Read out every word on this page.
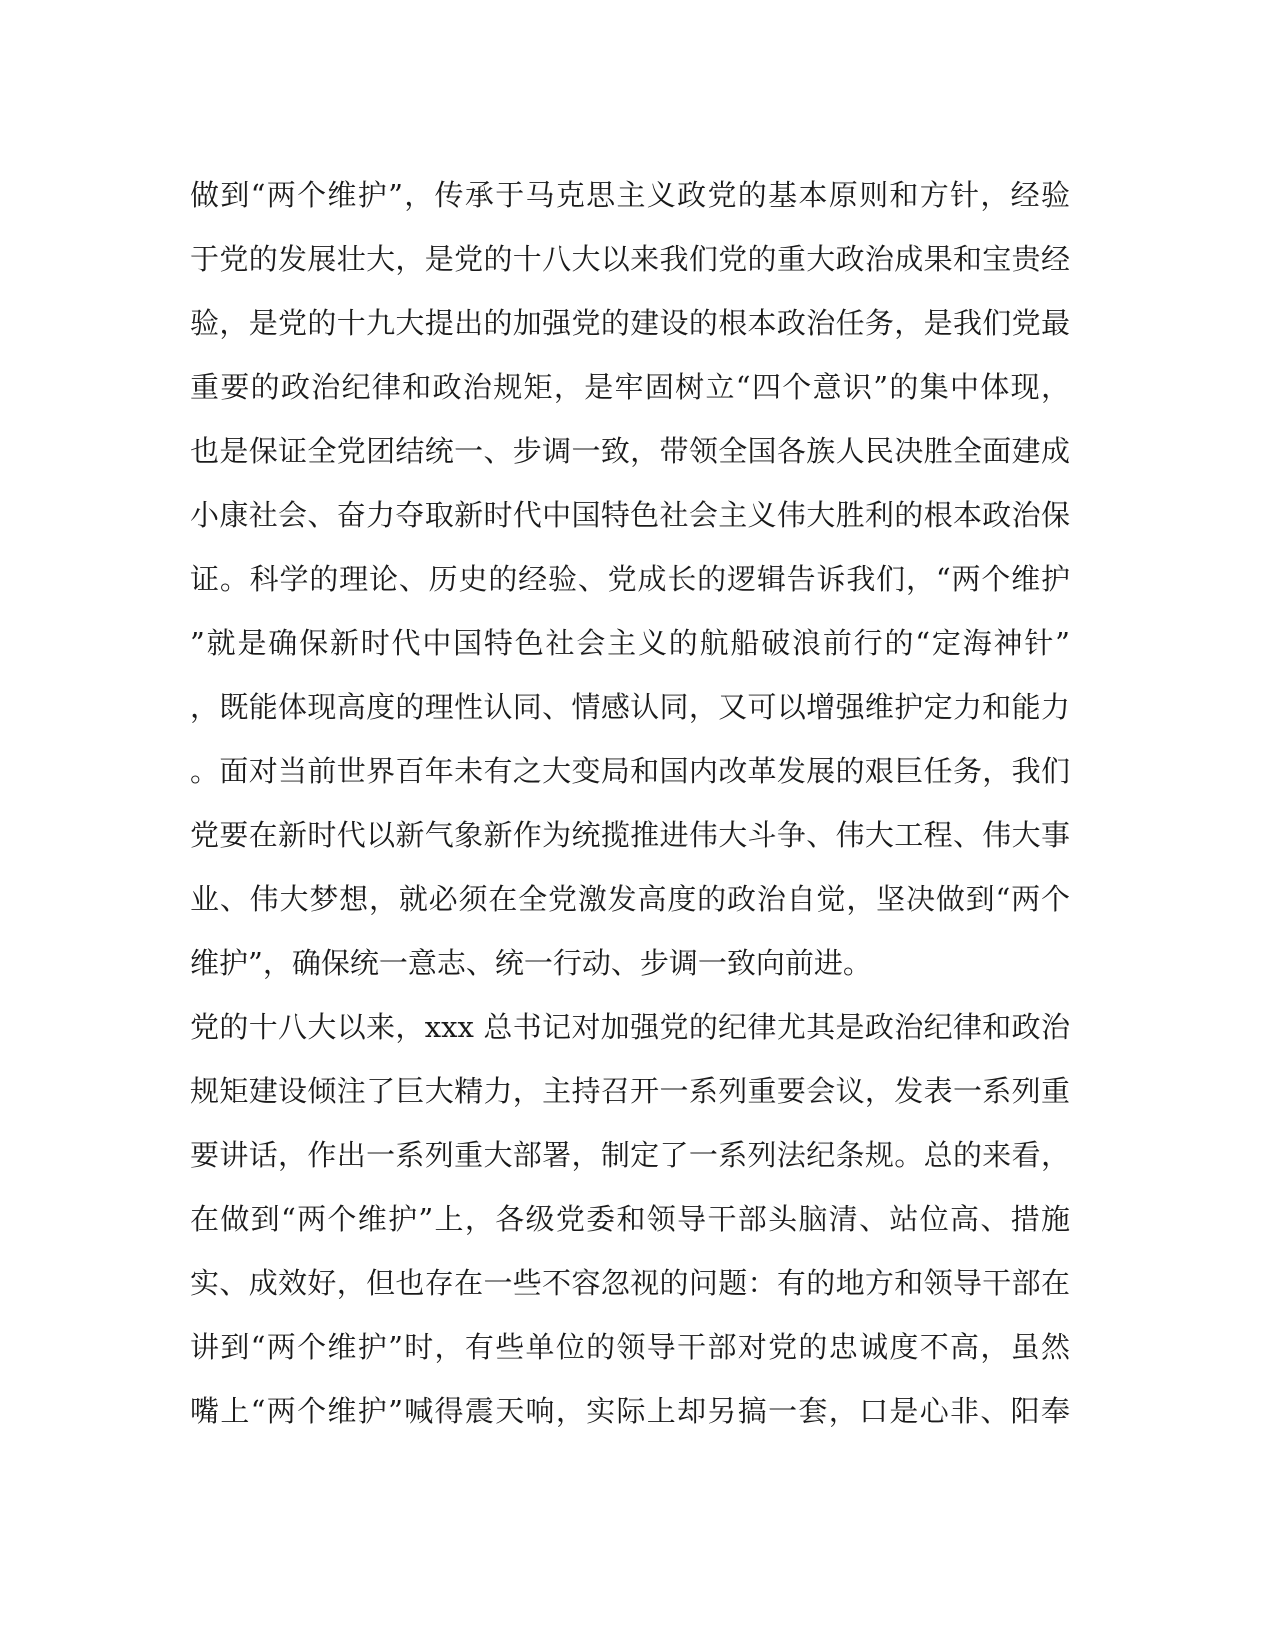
做到“两个维护”，传承于马克思主义政党的基本原则和方针，经验
于党的发展壮大，是党的十八大以来我们党的重大政治成果和宝贵经
验，是党的十九大提出的加强党的建设的根本政治任务，是我们党最
重要的政治纪律和政治规矩，是牢固树立“四个意识”的集中体现，
也是保证全党团结统一、步调一致，带领全国各族人民决胜全面建成
小康社会、奋力夺取新时代中国特色社会主义伟大胜利的根本政治保
证。科学的理论、历史的经验、党成长的逻辑告诉我们，“两个维护
”就是确保新时代中国特色社会主义的航船破浪前行的“定海神针”
，既能体现高度的理性认同、情感认同，又可以增强维护定力和能力
。面对当前世界百年未有之大变局和国内改革发展的艰巨任务，我们
党要在新时代以新气象新作为统揽推进伟大斗争、伟大工程、伟大事
业、伟大梦想，就必须在全党激发高度的政治自觉，坚决做到“两个
维护”，确保统一意志、统一行动、步调一致向前进。
党的十八大以来，xxx 总书记对加强党的纪律尤其是政治纪律和政治
规矩建设倾注了巨大精力，主持召开一系列重要会议，发表一系列重
要讲话，作出一系列重大部署，制定了一系列法纪条规。总的来看，
在做到“两个维护”上，各级党委和领导干部头脑清、站位高、措施
实、成效好，但也存在一些不容忽视的问题：有的地方和领导干部在
讲到“两个维护”时，有些单位的领导干部对党的忠诚度不高，虽然
嘴上“两个维护”喊得震天响，实际上却另搞一套，口是心非、阳奉
